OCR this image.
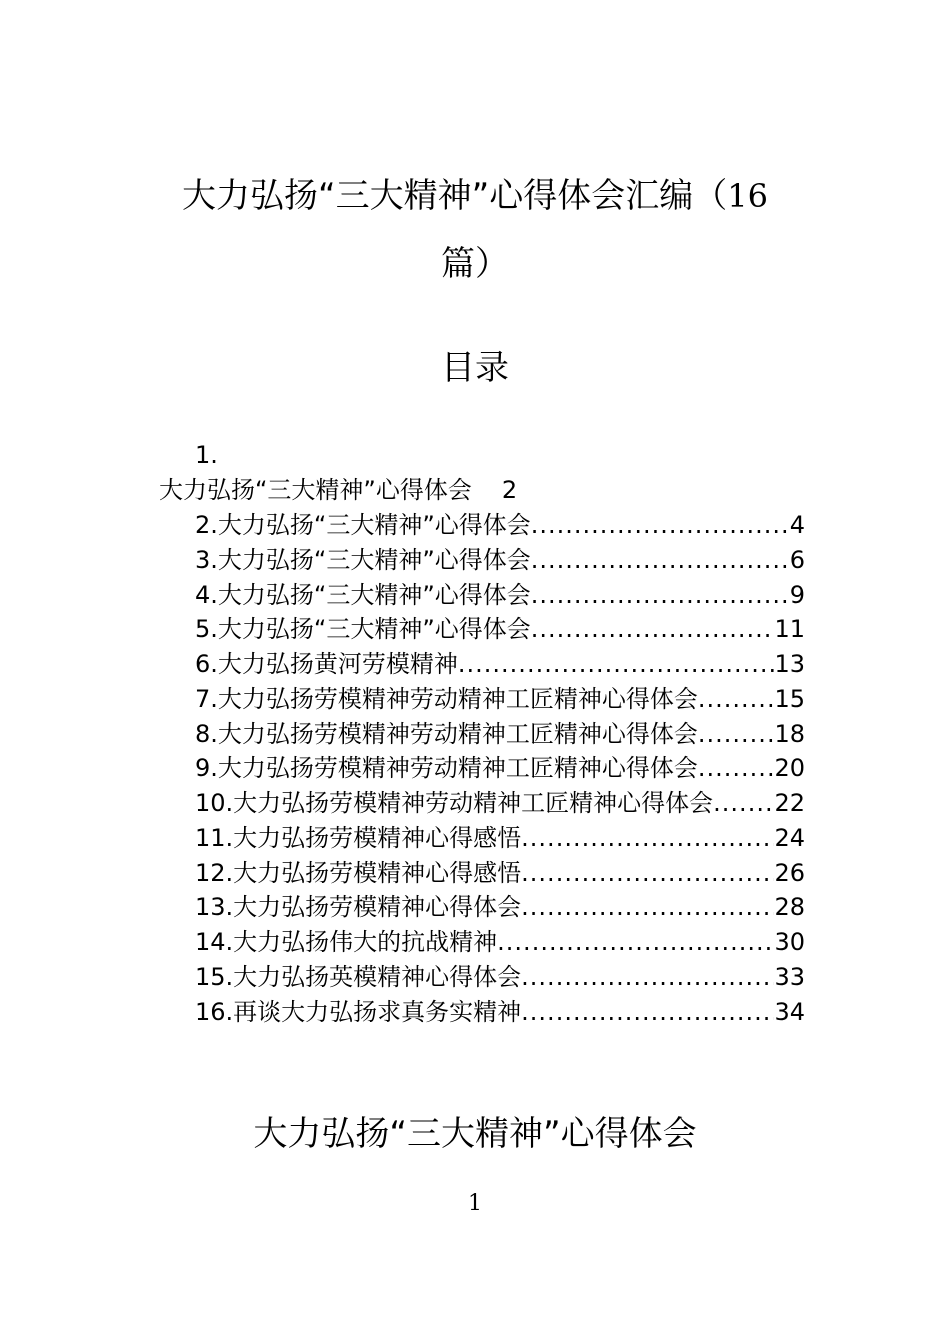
大力弘扬“三大精神”心得体会汇编（16
篇）
目录
1.
大力弘扬“三大精神”心得体会 2
2.大力弘扬“三大精神”心得体会 .....	4
3.大力弘扬“三大精神”心得体会 .....	6
4.大力弘扬“三大精神”心得体会 .....	9
5.大力弘扬“三大精神”心得体会 .....	11
6.大力弘扬黄河劳模精神 .....	13
7.大力弘扬劳模精神劳动精神工匠精神心得体会 .....	15
8.大力弘扬劳模精神劳动精神工匠精神心得体会 .....	18
9.大力弘扬劳模精神劳动精神工匠精神心得体会 .....	20
10.大力弘扬劳模精神劳动精神工匠精神心得体会 .....	22
11.大力弘扬劳模精神心得感悟 .....	24
12.大力弘扬劳模精神心得感悟 .....	26
13.大力弘扬劳模精神心得体会 .....	28
14.大力弘扬伟大的抗战精神 .....	30
15.大力弘扬英模精神心得体会 .....	33
16.再谈大力弘扬求真务实精神 .....	34
大力弘扬“三大精神”心得体会
1
